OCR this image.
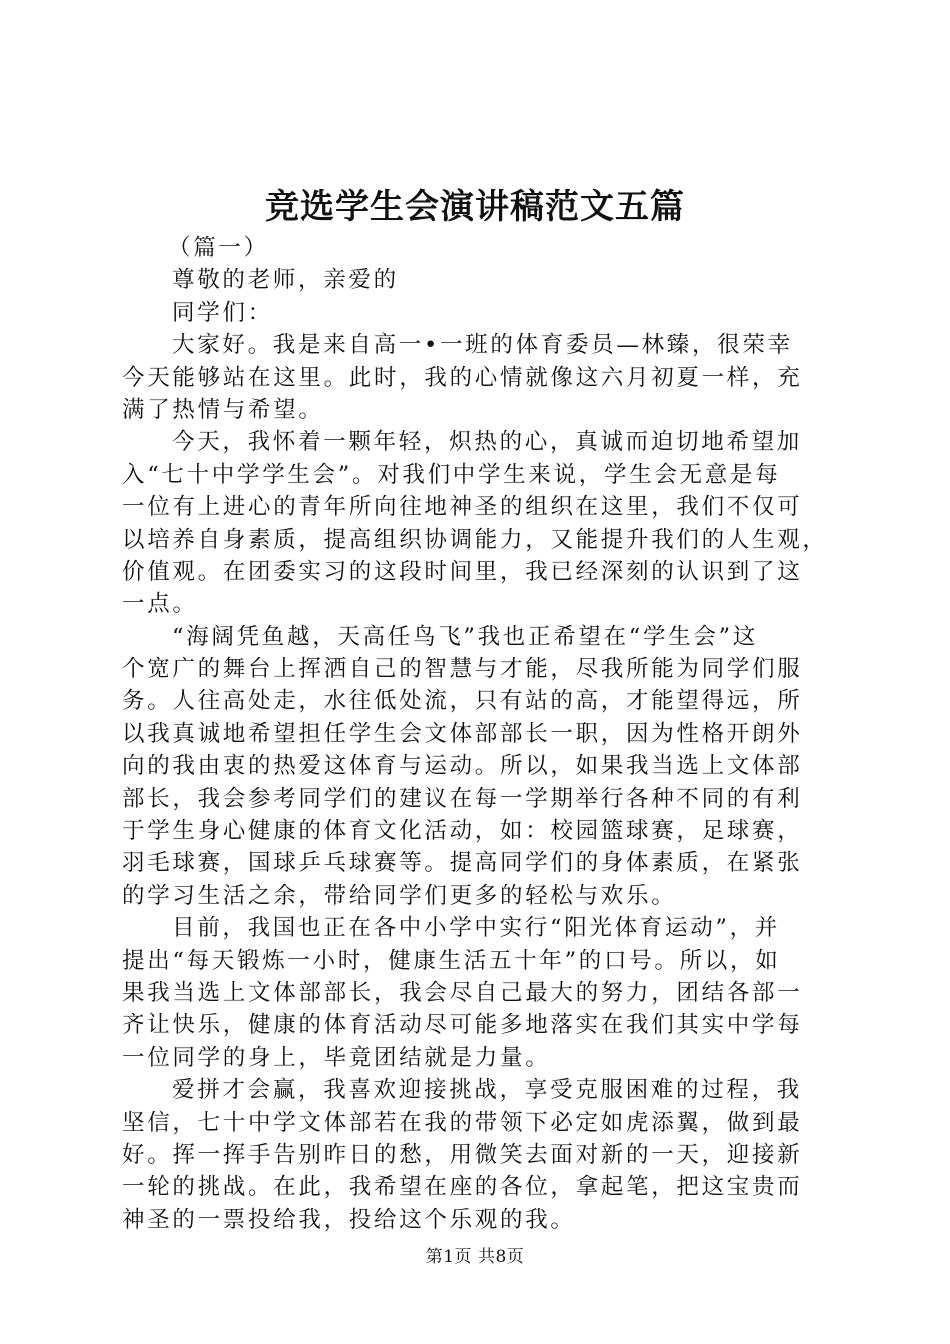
竞选学生会演讲稿范文五篇
（篇一）
尊敬的老师，亲爱的
同学们：
大家好。我是来自高一•一班的体育委员—林臻，很荣幸
今天能够站在这里。此时，我的心情就像这六月初夏一样，充
满了热情与希望。
今天，我怀着一颗年轻，炽热的心，真诚而迫切地希望加
入“七十中学学生会”。对我们中学生来说，学生会无意是每
一位有上进心的青年所向往地神圣的组织在这里，我们不仅可
以培养自身素质，提高组织协调能力，又能提升我们的人生观，
价值观。在团委实习的这段时间里，我已经深刻的认识到了这
一点。
“海阔凭鱼越，天高任鸟飞”我也正希望在“学生会”这
个宽广的舞台上挥洒自己的智慧与才能，尽我所能为同学们服
务。人往高处走，水往低处流，只有站的高，才能望得远，所
以我真诚地希望担任学生会文体部部长一职，因为性格开朗外
向的我由衷的热爱这体育与运动。所以，如果我当选上文体部
部长，我会参考同学们的建议在每一学期举行各种不同的有利
于学生身心健康的体育文化活动，如：校园篮球赛，足球赛，
羽毛球赛，国球乒乓球赛等。提高同学们的身体素质，在紧张
的学习生活之余，带给同学们更多的轻松与欢乐。
目前，我国也正在各中小学中实行“阳光体育运动”，并
提出“每天锻炼一小时，健康生活五十年”的口号。所以，如
果我当选上文体部部长，我会尽自己最大的努力，团结各部一
齐让快乐，健康的体育活动尽可能多地落实在我们其实中学每
一位同学的身上，毕竟团结就是力量。
爱拼才会赢，我喜欢迎接挑战，享受克服困难的过程，我
坚信，七十中学文体部若在我的带领下必定如虎添翼，做到最
好。挥一挥手告别昨日的愁，用微笑去面对新的一天，迎接新
一轮的挑战。在此，我希望在座的各位，拿起笔，把这宝贵而
神圣的一票投给我，投给这个乐观的我。
第1页 共8页
